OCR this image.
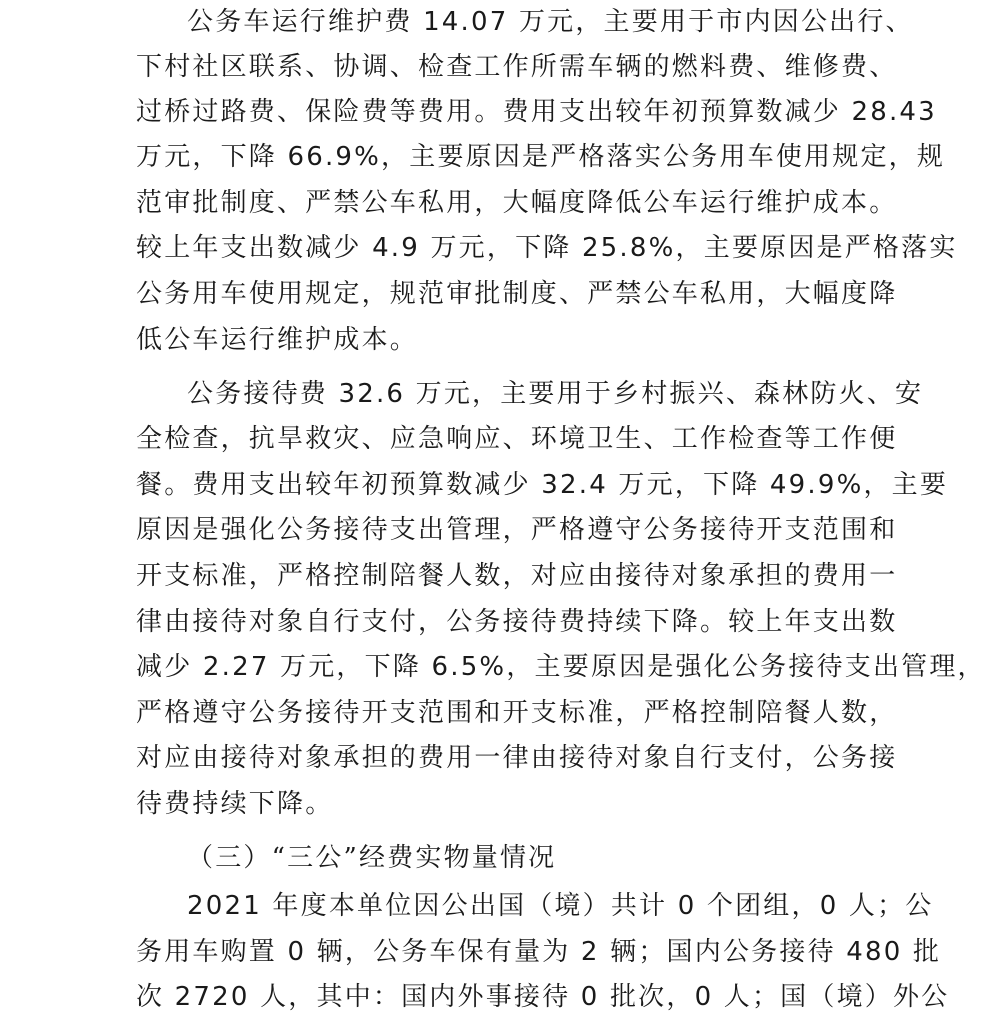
公务车运行维护费 14.07 万元，主要用于市内因公出行、
下村社区联系、协调、检查工作所需车辆的燃料费、维修费、
过桥过路费、保险费等费用。费用支出较年初预算数减少 28.43
万元，下降 66.9%，主要原因是严格落实公务用车使用规定，规
范审批制度、严禁公车私用，大幅度降低公车运行维护成本。
较上年支出数减少 4.9 万元，下降 25.8%，主要原因是严格落实
公务用车使用规定，规范审批制度、严禁公车私用，大幅度降
低公车运行维护成本。
公务接待费 32.6 万元，主要用于乡村振兴、森林防火、安
全检查，抗旱救灾、应急响应、环境卫生、工作检查等工作便
餐。费用支出较年初预算数减少 32.4 万元，下降 49.9%，主要
原因是强化公务接待支出管理，严格遵守公务接待开支范围和
开支标准，严格控制陪餐人数，对应由接待对象承担的费用一
律由接待对象自行支付，公务接待费持续下降。较上年支出数
减少 2.27 万元，下降 6.5%，主要原因是强化公务接待支出管理，
严格遵守公务接待开支范围和开支标准，严格控制陪餐人数，
对应由接待对象承担的费用一律由接待对象自行支付，公务接
待费持续下降。
（三）“三公”经费实物量情况
2021 年度本单位因公出国（境）共计 0 个团组，0 人；公
务用车购置 0 辆，公务车保有量为 2 辆；国内公务接待 480 批
次 2720 人，其中：国内外事接待 0 批次，0 人；国（境）外公
